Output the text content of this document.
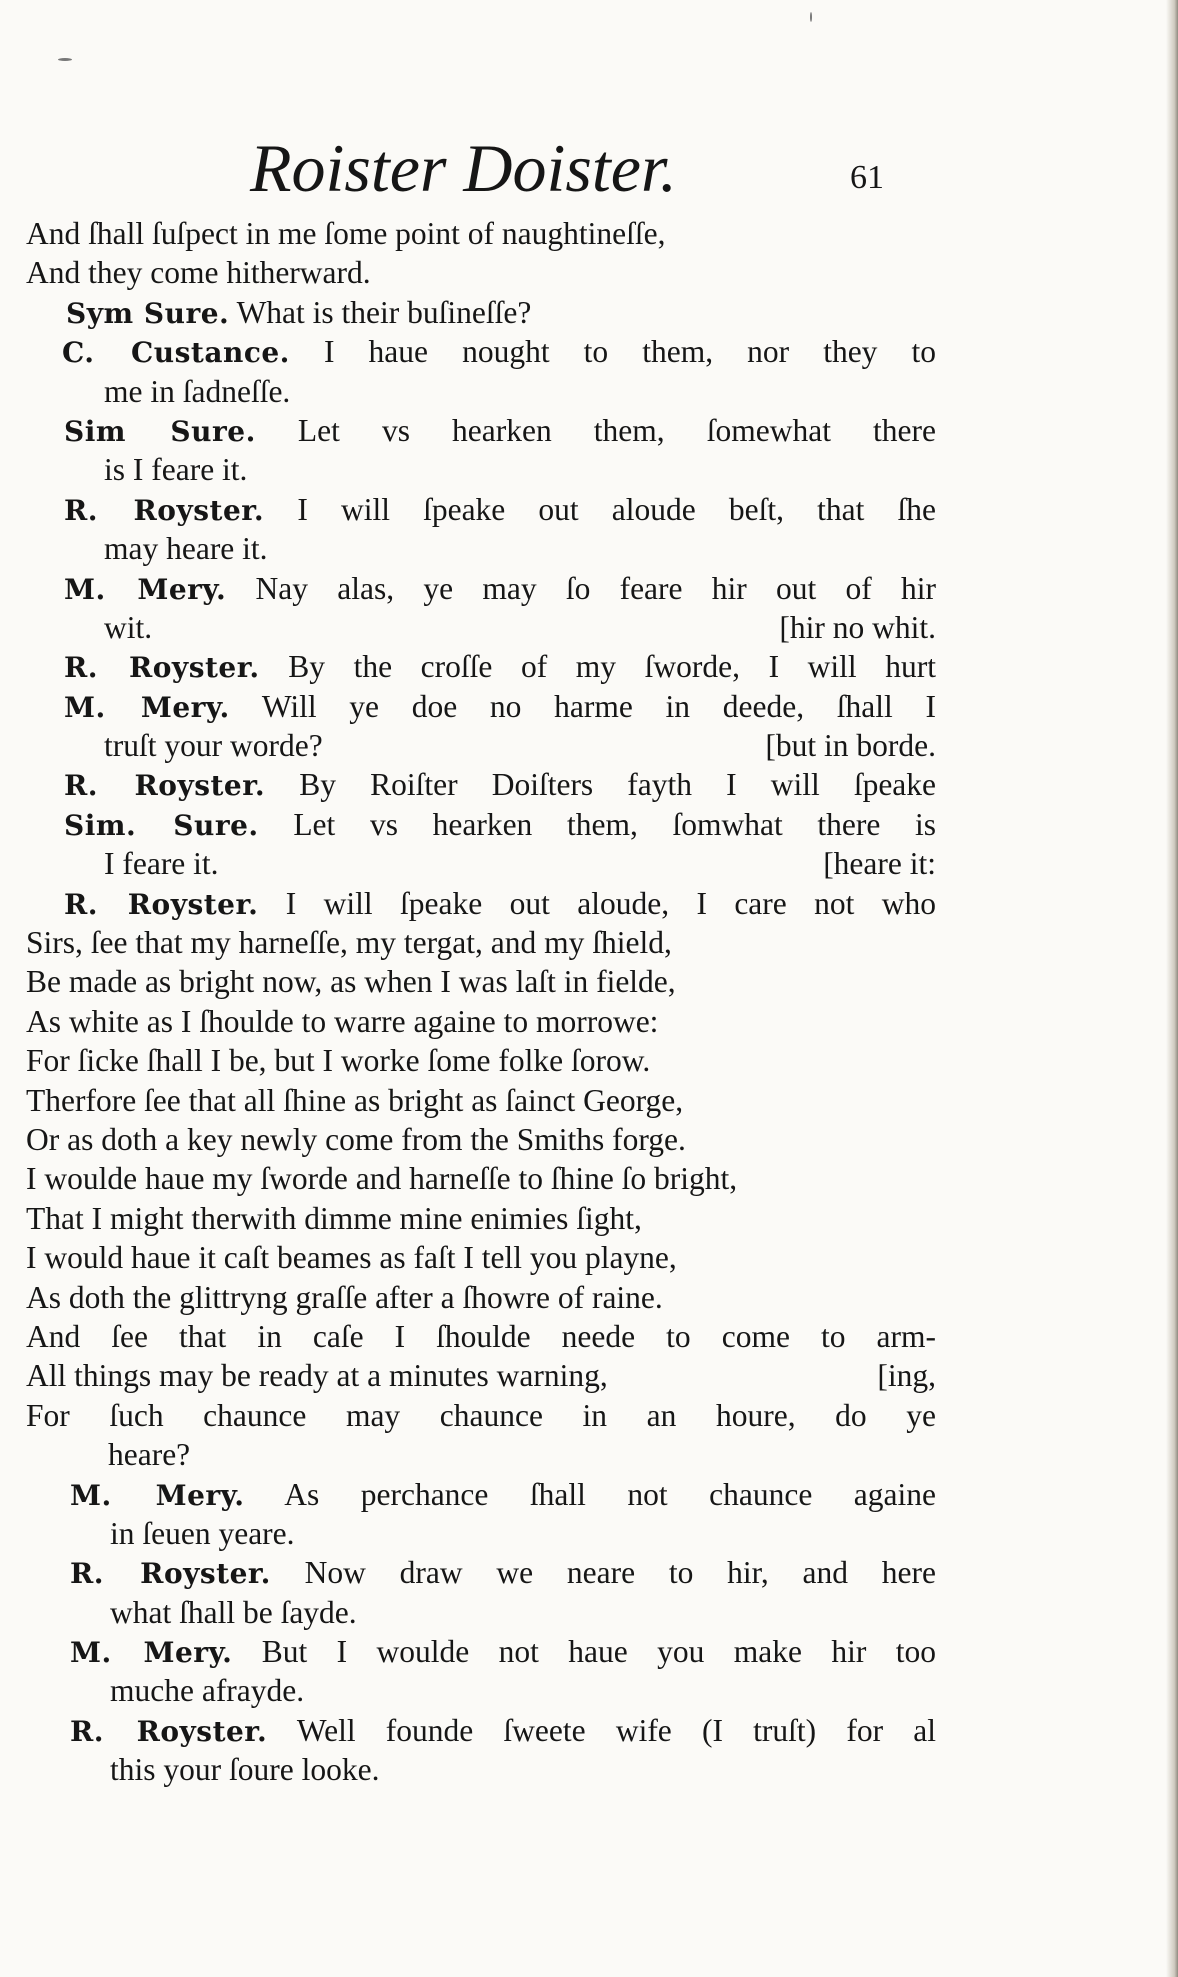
Roister Doister.	61
And ſhall ſuſpect in me ſome point of naughtineſſe,
And they come hitherward.
Sym Sure. What is their buſineſſe?
C. Custance. I haue nought to them, nor they to
me in ſadneſſe.
Sim Sure. Let vs hearken them, ſomewhat there
is I feare it.
R. Royster. I will ſpeake out aloude beſt, that ſhe
may heare it.
M. Mery. Nay alas, ye may ſo feare hir out of hir
wit.	[hir no whit.
R. Royster. By the croſſe of my ſworde, I will hurt
M. Mery. Will ye doe no harme in deede, ſhall I
truſt your worde?	[but in borde.
R. Royster. By Roiſter Doiſters fayth I will ſpeake
Sim. Sure. Let vs hearken them, ſomwhat there is
I feare it.	[heare it:
R. Royster. I will ſpeake out aloude, I care not who
Sirs, ſee that my harneſſe, my tergat, and my ſhield,
Be made as bright now, as when I was laſt in fielde,
As white as I ſhoulde to warre againe to morrowe:
For ſicke ſhall I be, but I worke ſome folke ſorow.
Therfore ſee that all ſhine as bright as ſainct George,
Or as doth a key newly come from the Smiths forge.
I woulde haue my ſworde and harneſſe to ſhine ſo bright,
That I might therwith dimme mine enimies ſight,
I would haue it caſt beames as faſt I tell you playne,
As doth the glittryng graſſe after a ſhowre of raine.
And ſee that in caſe I ſhoulde neede to come to arm-
All things may be ready at a minutes warning,	[ing,
For ſuch chaunce may chaunce in an houre, do ye
heare?
M. Mery. As perchance ſhall not chaunce againe
in ſeuen yeare.
R. Royster. Now draw we neare to hir, and here
what ſhall be ſayde.
M. Mery. But I woulde not haue you make hir too
muche afrayde.
R. Royster. Well founde ſweete wife (I truſt) for al
this your ſoure looke.
